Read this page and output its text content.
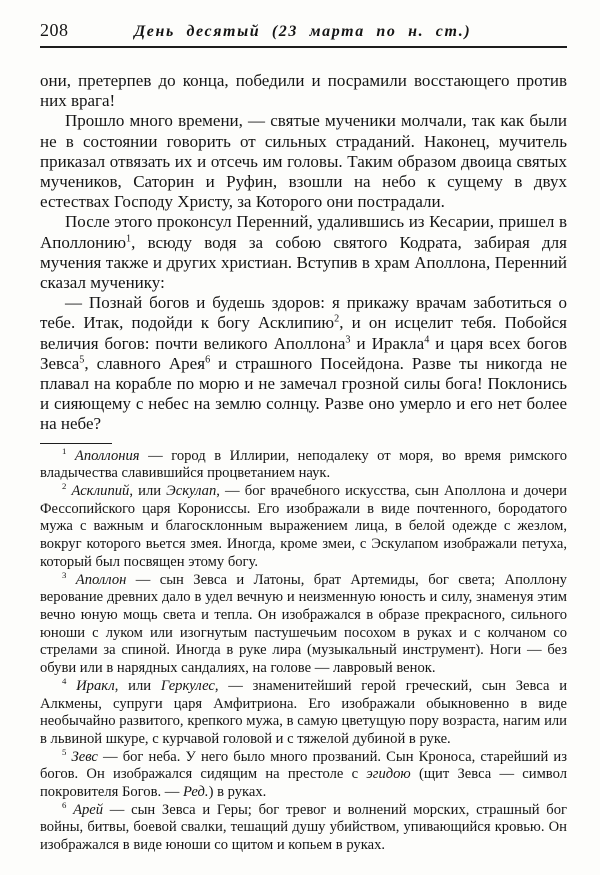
208	День десятый (23 марта по н. ст.)

они, претерпев до конца, победили и посрамили восстающего против них врага!

Прошло много времени, — святые мученики молчали, так как были не в состоянии говорить от сильных страданий. Наконец, мучитель приказал отвязать их и отсечь им головы. Таким образом двоица святых мучеников, Саторин и Руфин, взошли на небо к сущему в двух естествах Господу Христу, за Которого они пострадали.

После этого проконсул Перенний, удалившись из Кесарии, пришел в Аполлонию$^1$, всюду водя за собою святого Кодрата, забирая для мучения также и других христиан. Вступив в храм Аполлона, Перенний сказал мученику:

— Познай богов и будешь здоров: я прикажу врачам заботиться о тебе. Итак, подойди к богу Асклипию$^2$, и он исцелит тебя. Побойся величия богов: почти великого Аполлона$^3$ и Иракла$^4$ и царя всех богов Зевса$^5$, славного Арея$^6$ и страшного Посейдона. Разве ты никогда не плавал на корабле по морю и не замечал грозной силы бога! Поклонись и сияющему с небес на землю солнцу. Разве оно умерло и его нет более на небе?

$^1$ Аполлония — город в Иллирии, неподалеку от моря, во время римского владычества славившийся процветанием наук.

$^2$ Асклипий, или Эскулап, — бог врачебного искусства, сын Аполлона и дочери Фессопийского царя Корониссы. Его изображали в виде почтенного, бородатого мужа с важным и благосклонным выражением лица, в белой одежде с жезлом, вокруг которого вьется змея. Иногда, кроме змеи, с Эскулапом изображали петуха, который был посвящен этому богу.

$^3$ Аполлон — сын Зевса и Латоны, брат Артемиды, бог света; Аполлону верование древних дало в удел вечную и неизменную юность и силу, знаменуя этим вечно юную мощь света и тепла. Он изображался в образе прекрасного, сильного юноши с луком или изогнутым пастушечьим посохом в руках и с колчаном со стрелами за спиной. Иногда в руке лира (музыкальный инструмент). Ноги — без обуви или в нарядных сандалиях, на голове — лавровый венок.

$^4$ Иракл, или Геркулес, — знаменитейший герой греческий, сын Зевса и Алкмены, супруги царя Амфитриона. Его изображали обыкновенно в виде необычайно развитого, крепкого мужа, в самую цветущую пору возраста, нагим или в львиной шкуре, с курчавой головой и с тяжелой дубиной в руке.

$^5$ Зевс — бог неба. У него было много прозваний. Сын Кроноса, старейший из богов. Он изображался сидящим на престоле с эгидою (щит Зевса — символ покровителя Богов. — Ред.) в руках.

$^6$ Арей — сын Зевса и Геры; бог тревог и волнений морских, страшный бог войны, битвы, боевой свалки, тешащий душу убийством, упивающийся кровью. Он изображался в виде юноши со щитом и копьем в руках.
